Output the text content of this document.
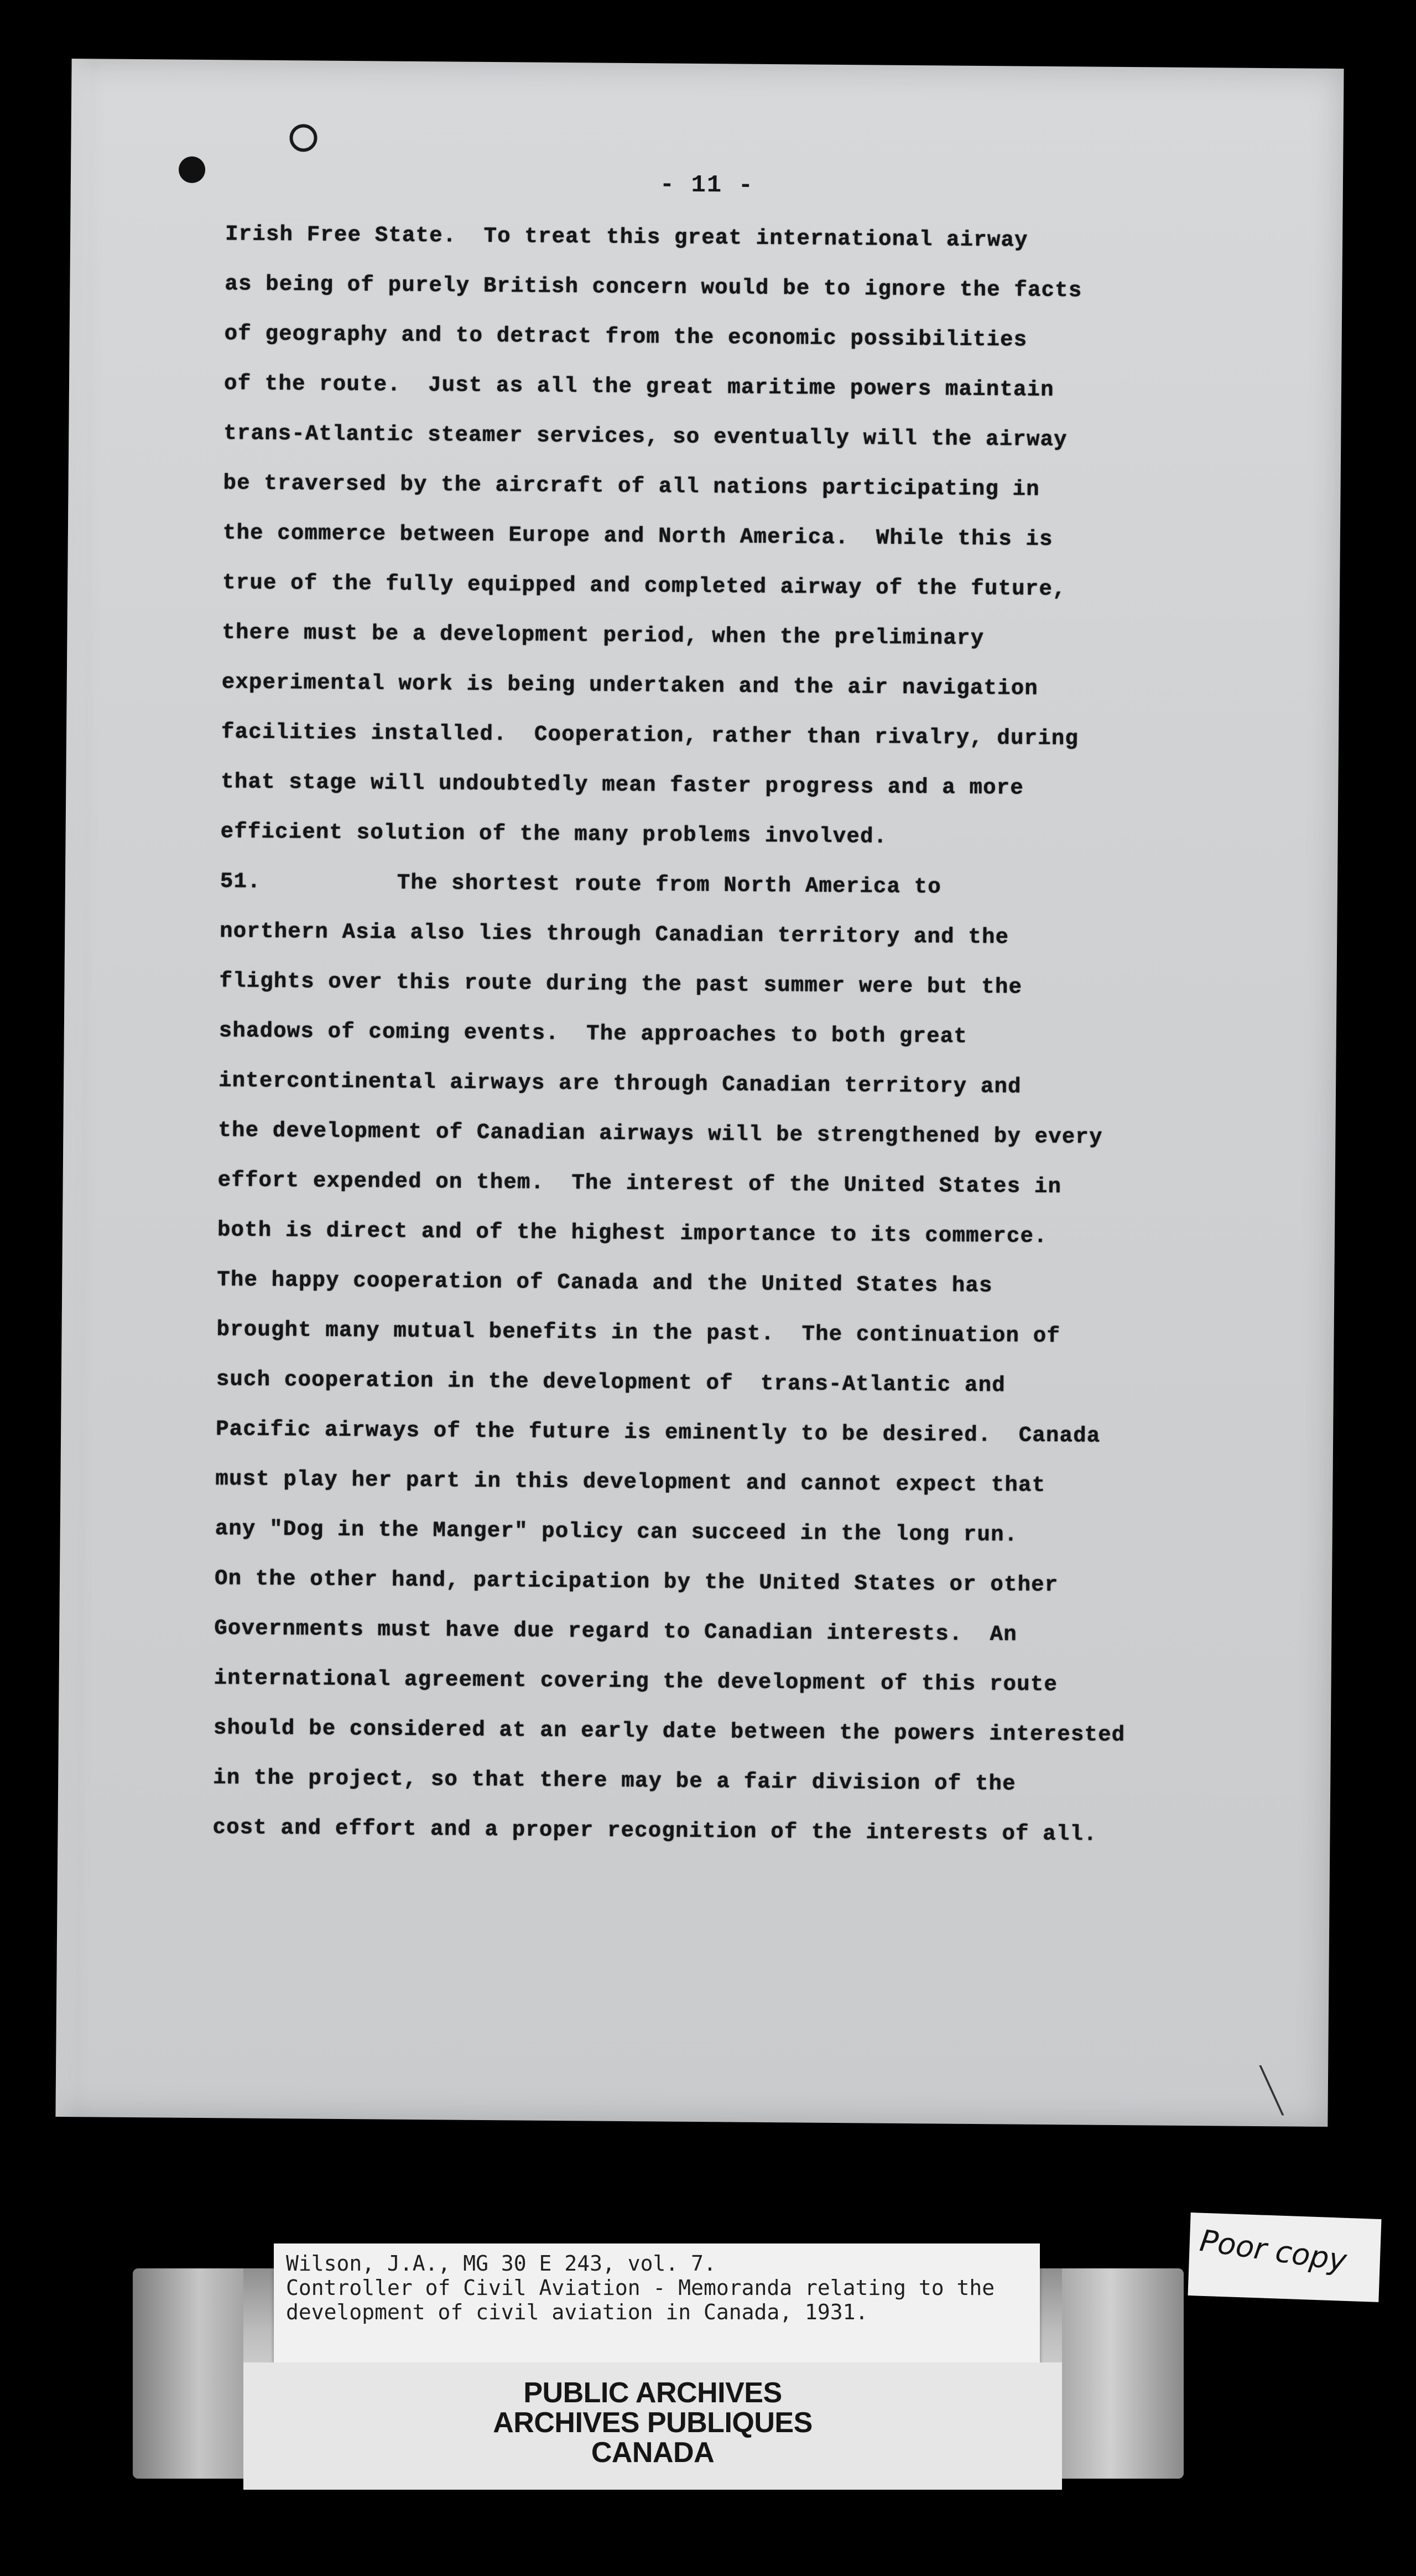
- 11 -
Irish Free State.  To treat this great international airway
as being of purely British concern would be to ignore the facts
of geography and to detract from the economic possibilities
of the route.  Just as all the great maritime powers maintain
trans-Atlantic steamer services, so eventually will the airway
be traversed by the aircraft of all nations participating in
the commerce between Europe and North America.  While this is
true of the fully equipped and completed airway of the future,
there must be a development period, when the preliminary
experimental work is being undertaken and the air navigation
facilities installed.  Cooperation, rather than rivalry, during
that stage will undoubtedly mean faster progress and a more
efficient solution of the many problems involved.
51.          The shortest route from North America to
northern Asia also lies through Canadian territory and the
flights over this route during the past summer were but the
shadows of coming events.  The approaches to both great
intercontinental airways are through Canadian territory and
the development of Canadian airways will be strengthened by every
effort expended on them.  The interest of the United States in
both is direct and of the highest importance to its commerce.
The happy cooperation of Canada and the United States has
brought many mutual benefits in the past.  The continuation of
such cooperation in the development of  trans-Atlantic and
Pacific airways of the future is eminently to be desired.  Canada
must play her part in this development and cannot expect that
any "Dog in the Manger" policy can succeed in the long run.
On the other hand, participation by the United States or other
Governments must have due regard to Canadian interests.  An
international agreement covering the development of this route
should be considered at an early date between the powers interested
in the project, so that there may be a fair division of the
cost and effort and a proper recognition of the interests of all.
Wilson, J.A., MG 30 E 243, vol. 7.
Controller of Civil Aviation - Memoranda relating to the
development of civil aviation in Canada, 1931.
PUBLIC ARCHIVES
ARCHIVES PUBLIQUES
CANADA
Poor copy
